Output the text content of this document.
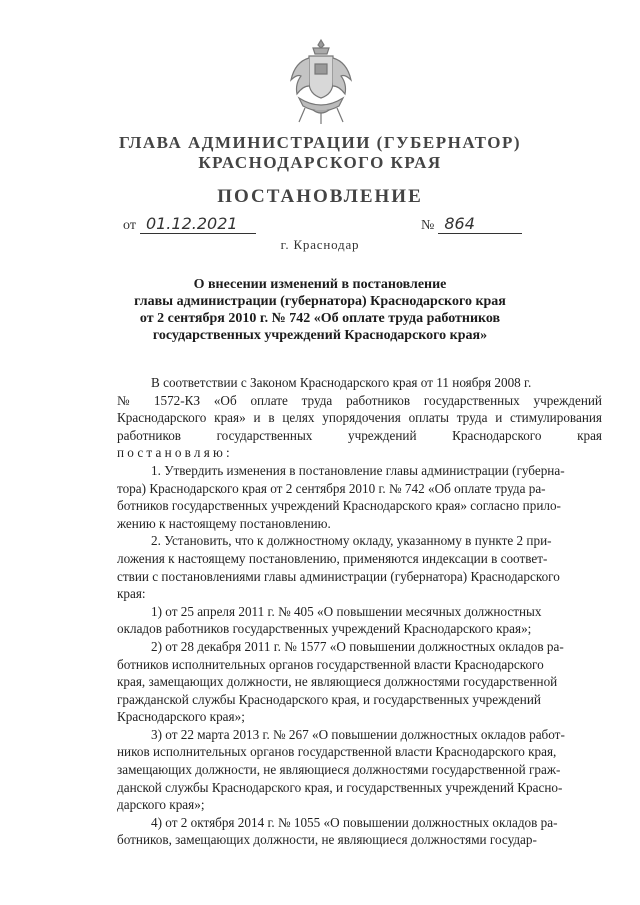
ГЛАВА АДМИНИСТРАЦИИ (ГУБЕРНАТОР)
КРАСНОДАРСКОГО КРАЯ
ПОСТАНОВЛЕНИЕ
от 01.12.2021	№ 864
г. Краснодар
О внесении изменений в постановление
главы администрации (губернатора) Краснодарского края
от 2 сентября 2010 г. № 742 «Об оплате труда работников
государственных учреждений Краснодарского края»
В соответствии с Законом Краснодарского края от 11 ноября 2008 г.
№ 1572-КЗ «Об оплате труда работников государственных учреждений
Краснодарского края» и в целях упорядочения оплаты труда и стимулирования
работников государственных учреждений Краснодарского края
постановляю:
1. Утвердить изменения в постановление главы администрации (губерна-
тора) Краснодарского края от 2 сентября 2010 г. № 742 «Об оплате труда ра-
ботников государственных учреждений Краснодарского края» согласно прило-
жению к настоящему постановлению.
2. Установить, что к должностному окладу, указанному в пункте 2 при-
ложения к настоящему постановлению, применяются индексации в соответ-
ствии с постановлениями главы администрации (губернатора) Краснодарского
края:
1) от 25 апреля 2011 г. № 405 «О повышении месячных должностных
окладов работников государственных учреждений Краснодарского края»;
2) от 28 декабря 2011 г. № 1577 «О повышении должностных окладов ра-
ботников исполнительных органов государственной власти Краснодарского
края, замещающих должности, не являющиеся должностями государственной
гражданской службы Краснодарского края, и государственных учреждений
Краснодарского края»;
3) от 22 марта 2013 г. № 267 «О повышении должностных окладов работ-
ников исполнительных органов государственной власти Краснодарского края,
замещающих должности, не являющиеся должностями государственной граж-
данской службы Краснодарского края, и государственных учреждений Красно-
дарского края»;
4) от 2 октября 2014 г. № 1055 «О повышении должностных окладов ра-
ботников, замещающих должности, не являющиеся должностями государ-
